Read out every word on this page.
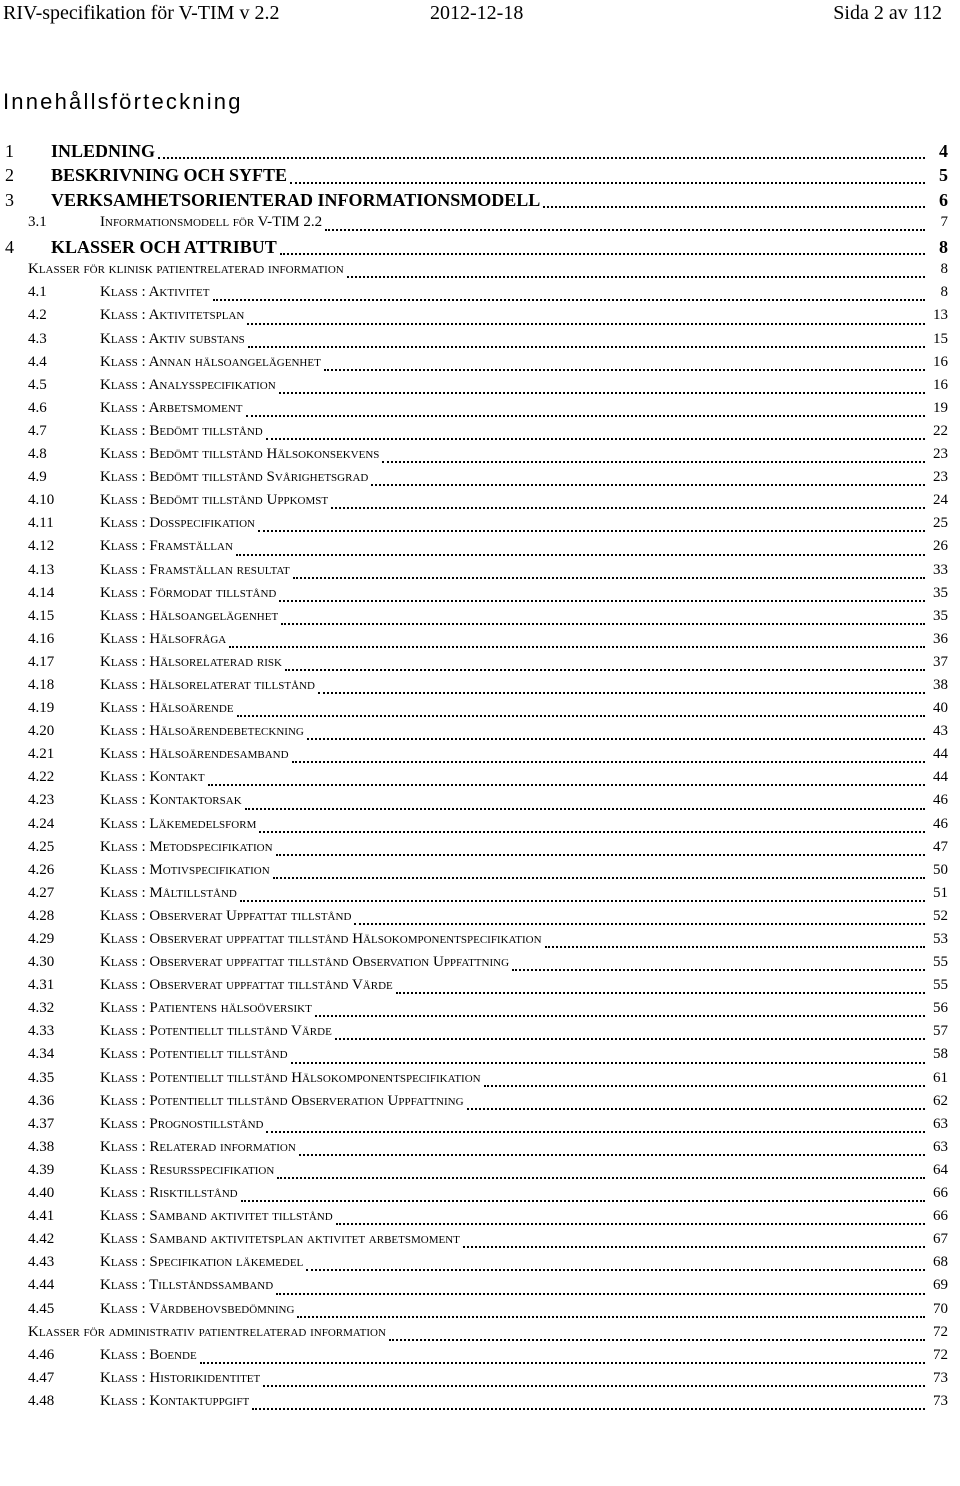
RIV-specifikation för V-TIM v 2.2	2012-12-18	Sida 2 av 112
Innehållsförteckning
1	INLEDNING	4
2	BESKRIVNING OCH SYFTE	5
3	VERKSAMHETSORIENTERAD INFORMATIONSMODELL	6
3.1	Informationsmodell för V-TIM 2.2	7
4	KLASSER OCH ATTRIBUT	8
Klasser för klinisk patientrelaterad information	8
4.1	Klass : Aktivitet	8
4.2	Klass : Aktivitetsplan	13
4.3	Klass : Aktiv substans	15
4.4	Klass : Annan hälsoangelägenhet	16
4.5	Klass : Analysspecifikation	16
4.6	Klass : Arbetsmoment	19
4.7	Klass : Bedömt tillstånd	22
4.8	Klass : Bedömt tillstånd Hälsokonsekvens	23
4.9	Klass : Bedömt tillstånd Svårighetsgrad	23
4.10	Klass : Bedömt tillstånd Uppkomst	24
4.11	Klass : Dosspecifikation	25
4.12	Klass : Framställan	26
4.13	Klass : Framställan resultat	33
4.14	Klass : Förmodat tillstånd	35
4.15	Klass : Hälsoangelägenhet	35
4.16	Klass : Hälsofråga	36
4.17	Klass : Hälsorelaterad risk	37
4.18	Klass : Hälsorelaterat tillstånd	38
4.19	Klass : Hälsoärende	40
4.20	Klass : Hälsoärendebeteckning	43
4.21	Klass : Hälsoärendesamband	44
4.22	Klass : Kontakt	44
4.23	Klass : Kontaktorsak	46
4.24	Klass : Läkemedelsform	46
4.25	Klass : Metodspecifikation	47
4.26	Klass : Motivspecifikation	50
4.27	Klass : Måltillstånd	51
4.28	Klass : Observerat Uppfattat tillstånd	52
4.29	Klass : Observerat uppfattat tillstånd Hälsokomponentspecifikation	53
4.30	Klass : Observerat uppfattat tillstånd Observation Uppfattning	55
4.31	Klass : Observerat uppfattat tillstånd Värde	55
4.32	Klass : Patientens hälsoöversikt	56
4.33	Klass : Potentiellt tillstånd Värde	57
4.34	Klass : Potentiellt tillstånd	58
4.35	Klass : Potentiellt tillstånd Hälsokomponentspecifikation	61
4.36	Klass : Potentiellt tillstånd Observeration Uppfattning	62
4.37	Klass : Prognostillstånd	63
4.38	Klass : Relaterad information	63
4.39	Klass : Resursspecifikation	64
4.40	Klass : Risktillstånd	66
4.41	Klass : Samband aktivitet tillstånd	66
4.42	Klass : Samband aktivitetsplan aktivitet arbetsmoment	67
4.43	Klass : Specifikation läkemedel	68
4.44	Klass : Tillståndssamband	69
4.45	Klass : Vårdbehovsbedömning	70
Klasser för administrativ patientrelaterad information	72
4.46	Klass : Boende	72
4.47	Klass : Historikidentitet	73
4.48	Klass : Kontaktuppgift	73
